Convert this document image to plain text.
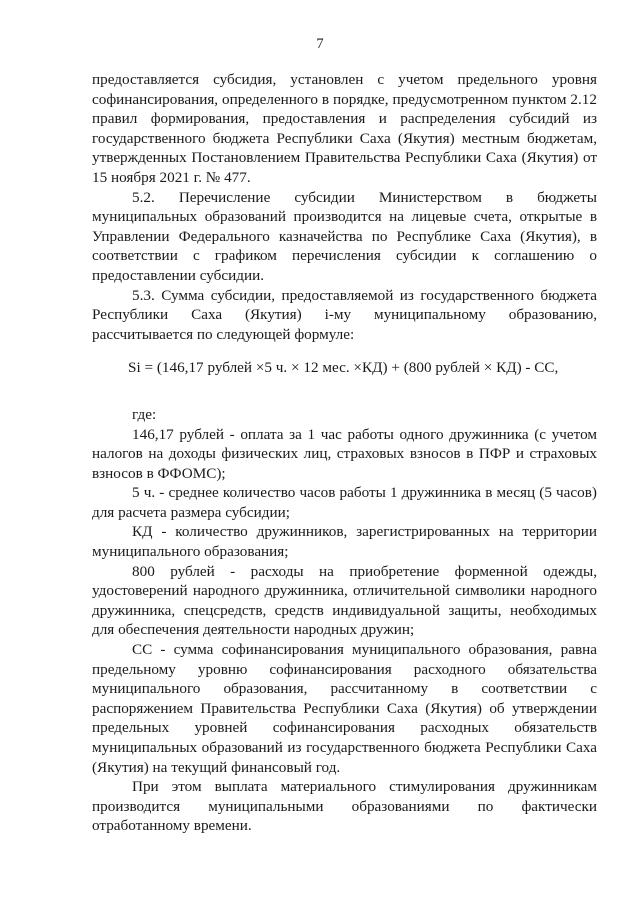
7

предоставляется субсидия, установлен с учетом предельного уровня софинансирования, определенного в порядке, предусмотренном пунктом 2.12 правил формирования, предоставления и распределения субсидий из государственного бюджета Республики Саха (Якутия) местным бюджетам, утвержденных Постановлением Правительства Республики Саха (Якутия) от 15 ноября 2021 г. № 477.

5.2. Перечисление субсидии Министерством в бюджеты муниципальных образований производится на лицевые счета, открытые в Управлении Федерального казначейства по Республике Саха (Якутия), в соответствии с графиком перечисления субсидии к соглашению о предоставлении субсидии.

5.3. Сумма субсидии, предоставляемой из государственного бюджета Республики Саха (Якутия) i-му муниципальному образованию, рассчитывается по следующей формуле:

Si = (146,17 рублей ×5 ч. × 12 мес. ×КД) + (800 рублей × КД) - СС,

где:

146,17 рублей - оплата за 1 час работы одного дружинника (с учетом налогов на доходы физических лиц, страховых взносов в ПФР и страховых взносов в ФФОМС);

5 ч. - среднее количество часов работы 1 дружинника в месяц (5 часов) для расчета размера субсидии;

КД - количество дружинников, зарегистрированных на территории муниципального образования;

800 рублей - расходы на приобретение форменной одежды, удостоверений народного дружинника, отличительной символики народного дружинника, спецсредств, средств индивидуальной защиты, необходимых для обеспечения деятельности народных дружин;

СС - сумма софинансирования муниципального образования, равна предельному уровню софинансирования расходного обязательства муниципального образования, рассчитанному в соответствии с распоряжением Правительства Республики Саха (Якутия) об утверждении предельных уровней софинансирования расходных обязательств муниципальных образований из государственного бюджета Республики Саха (Якутия) на текущий финансовый год.

При этом выплата материального стимулирования дружинникам производится муниципальными образованиями по фактически отработанному времени.
